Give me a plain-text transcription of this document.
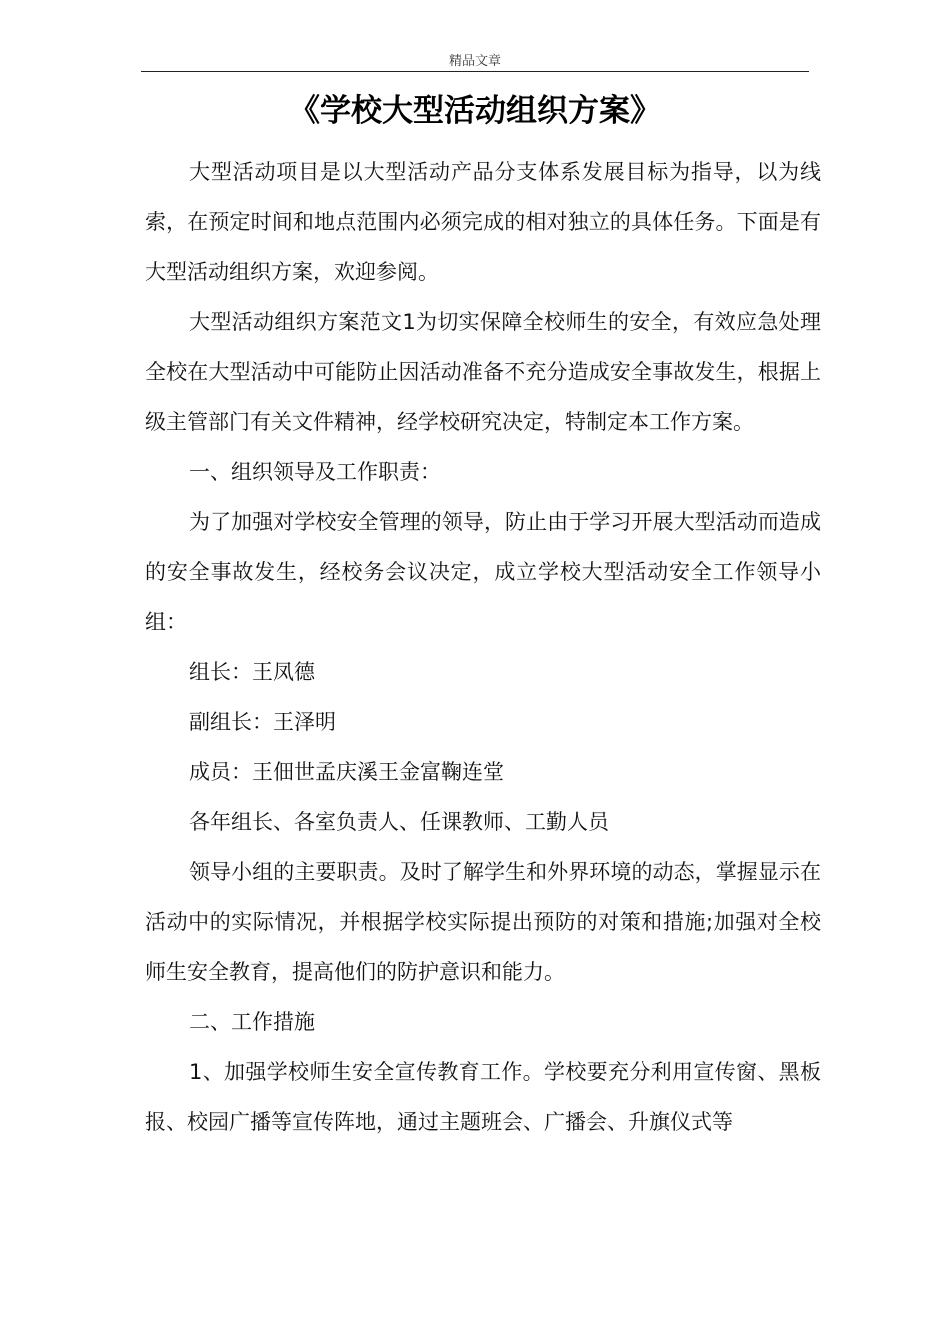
精品文章
《学校大型活动组织方案》

大型活动项目是以大型活动产品分支体系发展目标为指导，以为线索，在预定时间和地点范围内必须完成的相对独立的具体任务。下面是有大型活动组织方案，欢迎参阅。

大型活动组织方案范文1为切实保障全校师生的安全，有效应急处理全校在大型活动中可能防止因活动准备不充分造成安全事故发生，根据上级主管部门有关文件精神，经学校研究决定，特制定本工作方案。

一、组织领导及工作职责：

为了加强对学校安全管理的领导，防止由于学习开展大型活动而造成的安全事故发生，经校务会议决定，成立学校大型活动安全工作领导小组：

组长：王凤德

副组长：王泽明

成员：王佃世孟庆溪王金富鞠连堂

各年组长、各室负责人、任课教师、工勤人员

领导小组的主要职责。及时了解学生和外界环境的动态，掌握显示在活动中的实际情况，并根据学校实际提出预防的对策和措施;加强对全校师生安全教育，提高他们的防护意识和能力。

二、工作措施

1、加强学校师生安全宣传教育工作。学校要充分利用宣传窗、黑板报、校园广播等宣传阵地，通过主题班会、广播会、升旗仪式等
